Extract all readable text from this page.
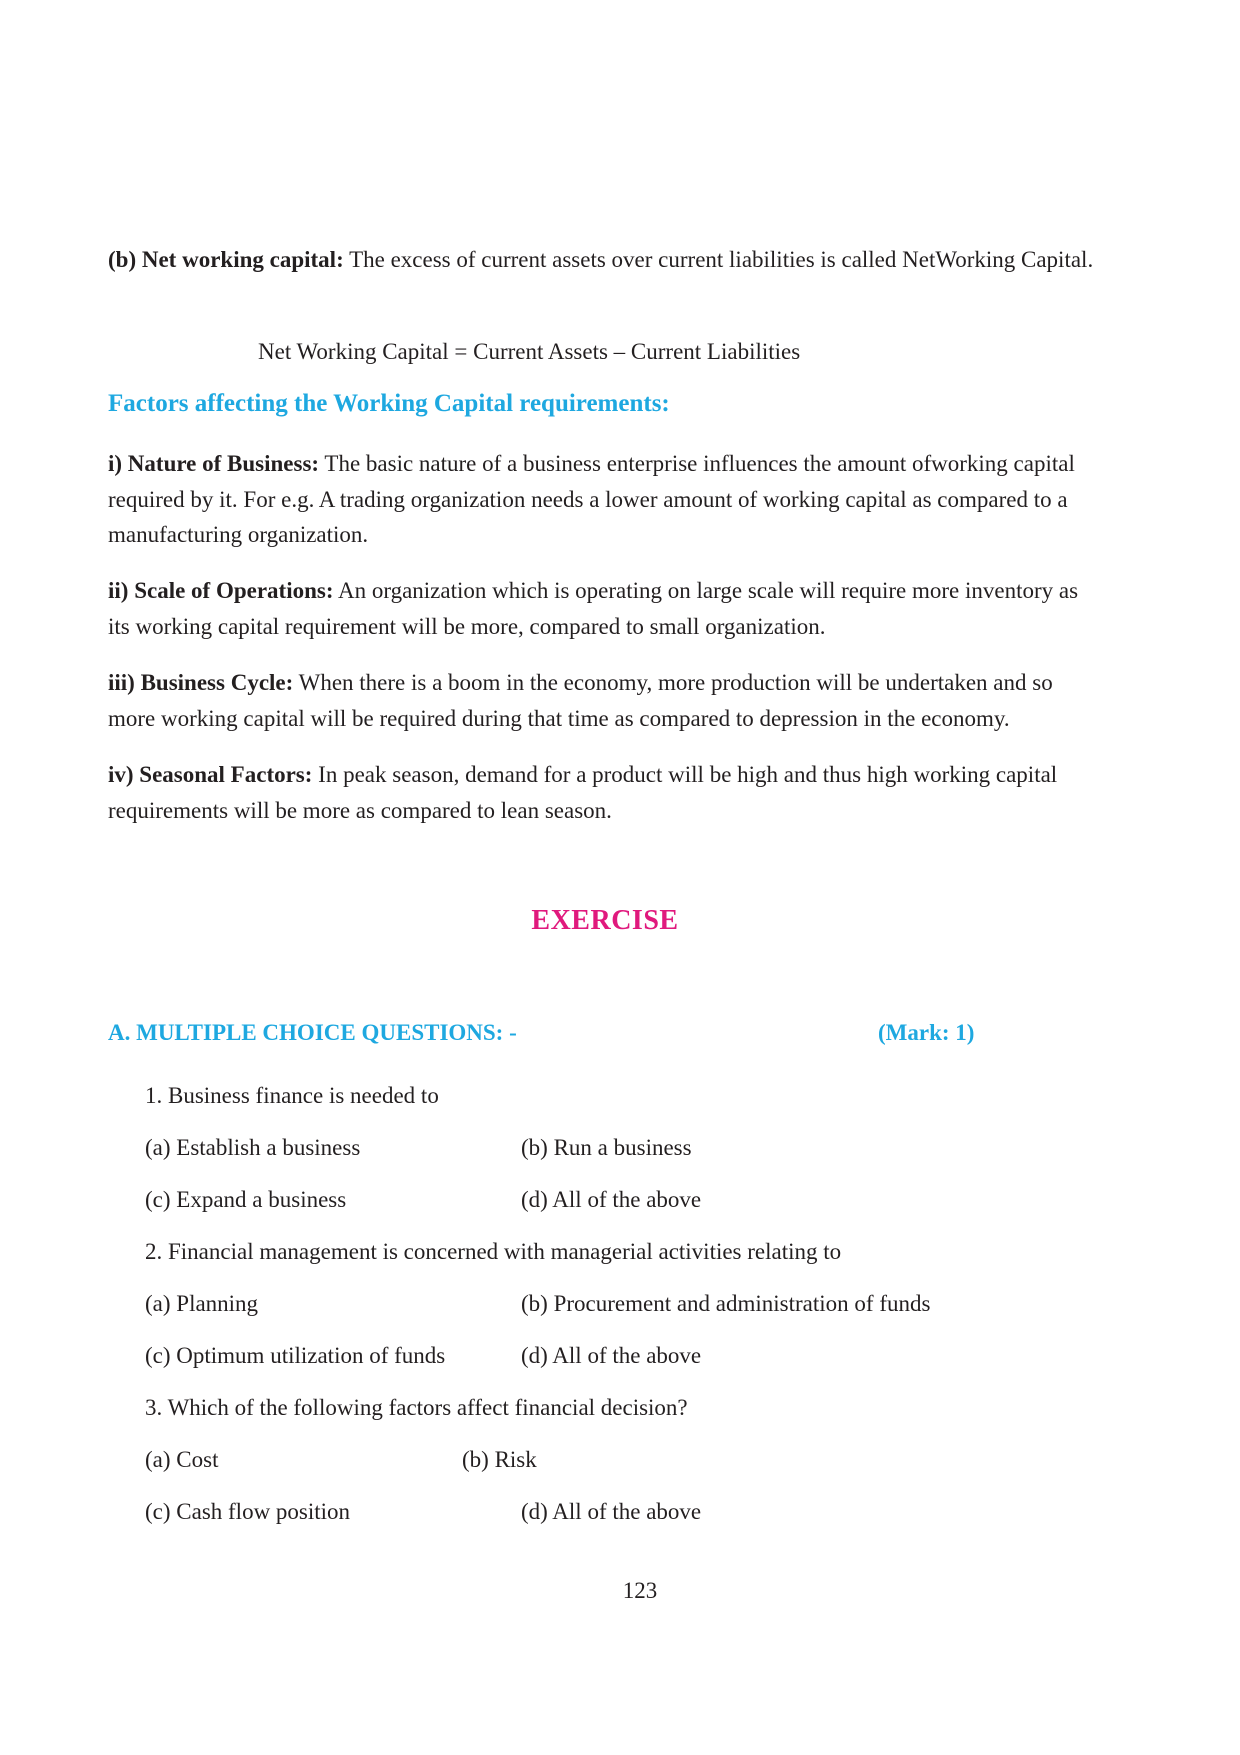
(b) Net working capital: The excess of current assets over current liabilities is called NetWorking Capital.

Net Working Capital = Current Assets – Current Liabilities
Factors affecting the Working Capital requirements:

i) Nature of Business: The basic nature of a business enterprise influences the amount ofworking capital required by it. For e.g. A trading organization needs a lower amount of working capital as compared to a manufacturing organization.

ii) Scale of Operations: An organization which is operating on large scale will require more inventory as its working capital requirement will be more, compared to small organization.

iii) Business Cycle: When there is a boom in the economy, more production will be undertaken and so more working capital will be required during that time as compared to depression in the economy.

iv) Seasonal Factors: In peak season, demand for a product will be high and thus high working capital requirements will be more as compared to lean season.

EXERCISE
A. MULTIPLE CHOICE QUESTIONS: -	(Mark: 1)
1. Business finance is needed to
(a) Establish a business	(b) Run a business
(c) Expand a business	(d) All of the above
2. Financial management is concerned with managerial activities relating to
(a) Planning	(b) Procurement and administration of funds
(c) Optimum utilization of funds	(d) All of the above
3. Which of the following factors affect financial decision?
(a) Cost	(b) Risk
(c) Cash flow position	(d) All of the above
123
